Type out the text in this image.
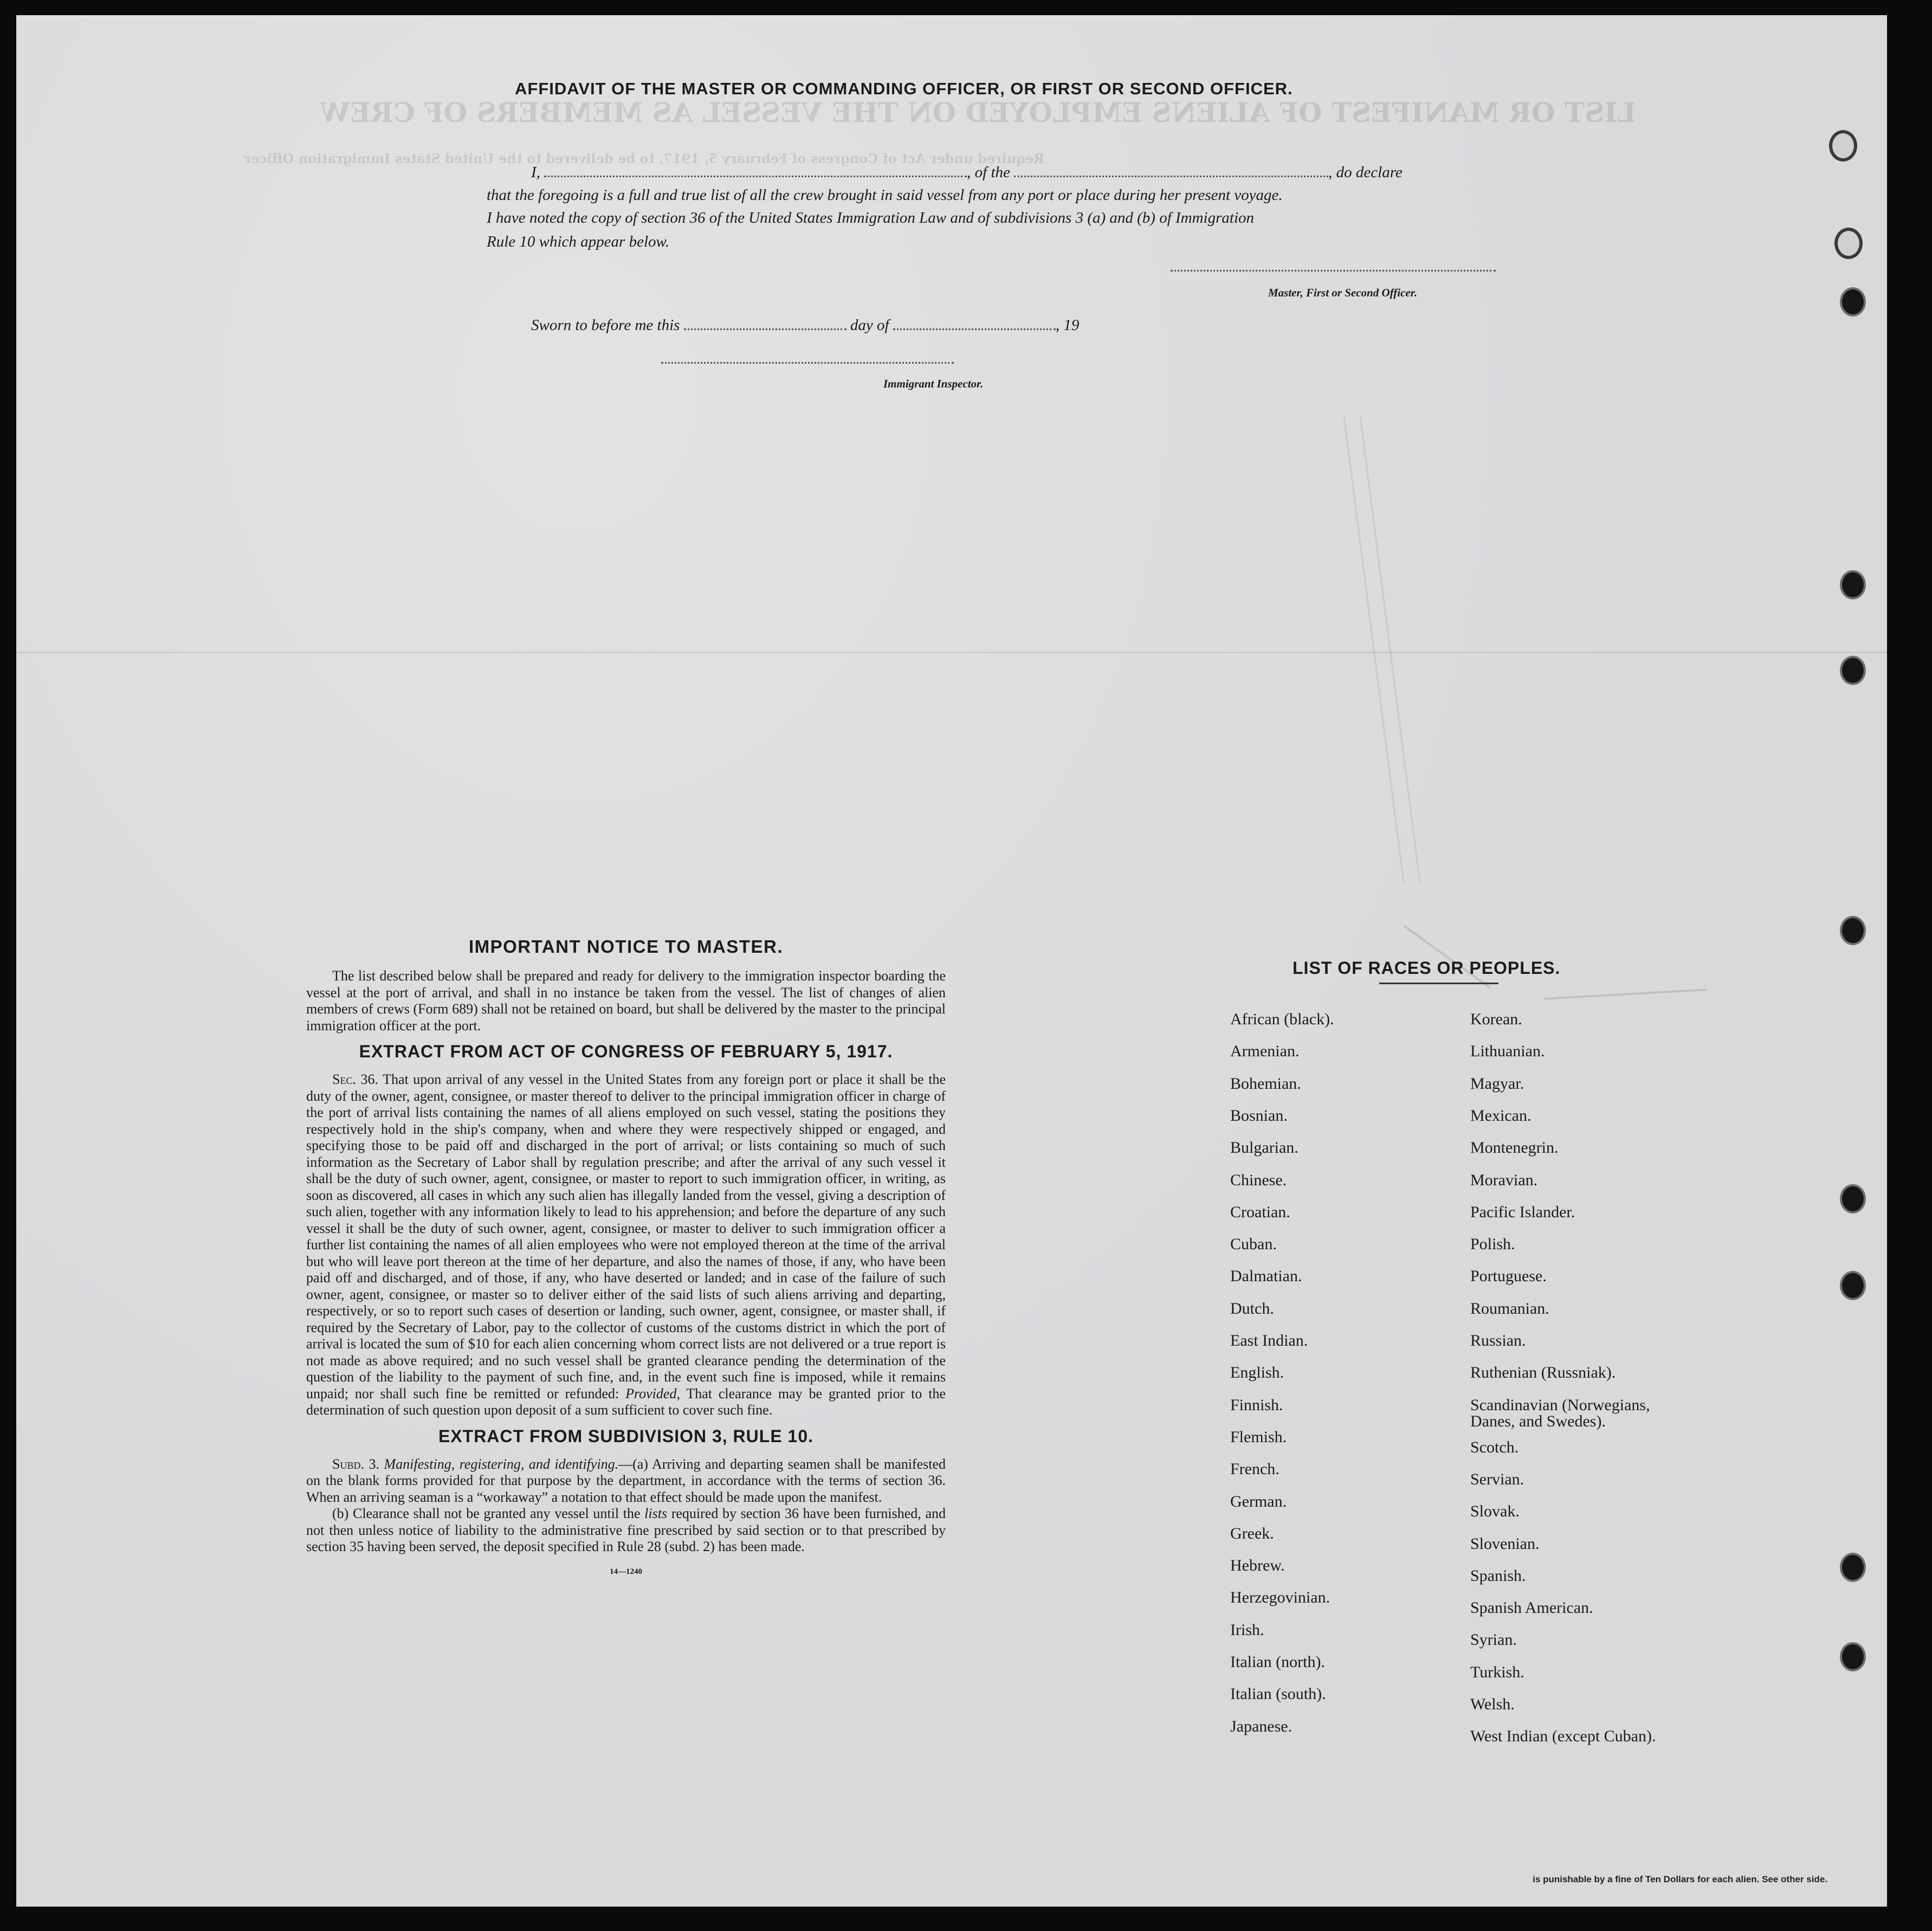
LIST OR MANIFEST OF ALIENS EMPLOYED ON THE VESSEL AS MEMBERS OF CREW
Required under Act of Congress of February 5, 1917, to be delivered to the United States Immigration Officer
AFFIDAVIT OF THE MASTER OR COMMANDING OFFICER, OR FIRST OR SECOND OFFICER.
I,	, of the	, do declare
that the foregoing is a full and true list of all the crew brought in said vessel from any port or place during her present voyage.
I have noted the copy of section 36 of the United States Immigration Law and of subdivisions 3 (a) and (b) of Immigration
Rule 10 which appear below.
Master, First or Second Officer.
Sworn to before me this	day of	, 19
Immigrant Inspector.
IMPORTANT NOTICE TO MASTER.
The list described below shall be prepared and ready for delivery to the immigration inspector boarding the vessel at the port of arrival, and shall in no instance be taken from the vessel. The list of changes of alien members of crews (Form 689) shall not be retained on board, but shall be delivered by the master to the principal immigration officer at the port.
EXTRACT FROM ACT OF CONGRESS OF FEBRUARY 5, 1917.
Sec. 36. That upon arrival of any vessel in the United States from any foreign port or place it shall be the duty of the owner, agent, consignee, or master thereof to deliver to the principal immigration officer in charge of the port of arrival lists containing the names of all aliens employed on such vessel, stating the positions they respectively hold in the ship's company, when and where they were respectively shipped or engaged, and specifying those to be paid off and discharged in the port of arrival; or lists containing so much of such information as the Secretary of Labor shall by regulation prescribe; and after the arrival of any such vessel it shall be the duty of such owner, agent, consignee, or master to report to such immigration officer, in writing, as soon as discovered, all cases in which any such alien has illegally landed from the vessel, giving a description of such alien, together with any information likely to lead to his apprehension; and before the departure of any such vessel it shall be the duty of such owner, agent, consignee, or master to deliver to such immigration officer a further list containing the names of all alien employees who were not employed thereon at the time of the arrival but who will leave port thereon at the time of her departure, and also the names of those, if any, who have been paid off and discharged, and of those, if any, who have deserted or landed; and in case of the failure of such owner, agent, consignee, or master so to deliver either of the said lists of such aliens arriving and departing, respectively, or so to report such cases of desertion or landing, such owner, agent, consignee, or master shall, if required by the Secretary of Labor, pay to the collector of customs of the customs district in which the port of arrival is located the sum of $10 for each alien concerning whom correct lists are not delivered or a true report is not made as above required; and no such vessel shall be granted clearance pending the determination of the question of the liability to the payment of such fine, and, in the event such fine is imposed, while it remains unpaid; nor shall such fine be remitted or refunded: Provided, That clearance may be granted prior to the determination of such question upon deposit of a sum sufficient to cover such fine.
EXTRACT FROM SUBDIVISION 3, RULE 10.
Subd. 3. Manifesting, registering, and identifying.—(a) Arriving and departing seamen shall be manifested on the blank forms provided for that purpose by the department, in accordance with the terms of section 36. When an arriving seaman is a “workaway” a notation to that effect should be made upon the manifest.
(b) Clearance shall not be granted any vessel until the lists required by section 36 have been furnished, and not then unless notice of liability to the administrative fine prescribed by said section or to that prescribed by section 35 having been served, the deposit specified in Rule 28 (subd. 2) has been made.
14—1240
LIST OF RACES OR PEOPLES.
African (black).
Armenian.
Bohemian.
Bosnian.
Bulgarian.
Chinese.
Croatian.
Cuban.
Dalmatian.
Dutch.
East Indian.
English.
Finnish.
Flemish.
French.
German.
Greek.
Hebrew.
Herzegovinian.
Irish.
Italian (north).
Italian (south).
Japanese.
Korean.
Lithuanian.
Magyar.
Mexican.
Montenegrin.
Moravian.
Pacific Islander.
Polish.
Portuguese.
Roumanian.
Russian.
Ruthenian (Russniak).
Scandinavian (Norwegians, Danes, and Swedes).
Scotch.
Servian.
Slovak.
Slovenian.
Spanish.
Spanish American.
Syrian.
Turkish.
Welsh.
West Indian (except Cuban).
is punishable by a fine of Ten Dollars for each alien. See other side.
